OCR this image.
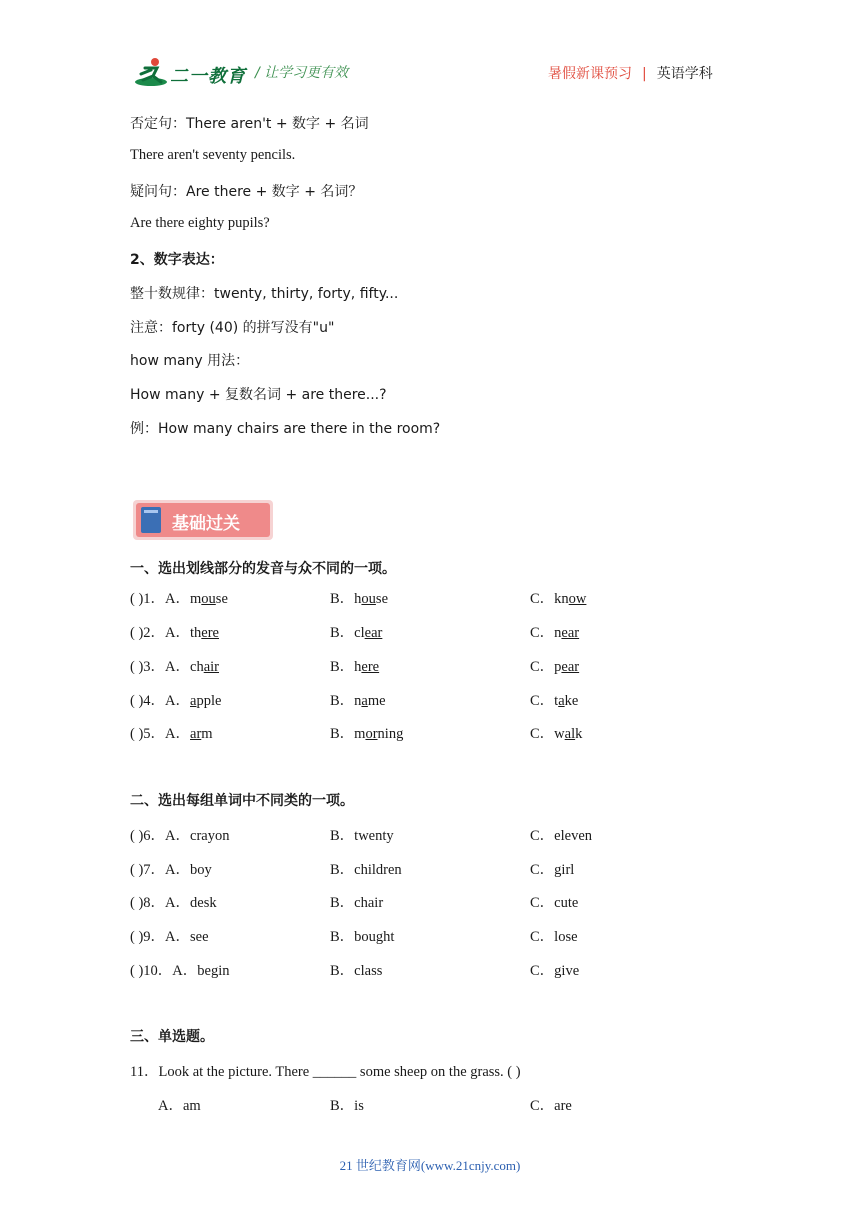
二一教育 / 让学习更有效	暑假新课预习 | 英语学科
否定句：There aren't + 数字 + 名词
There aren't seventy pencils.
疑问句：Are there + 数字 + 名词？
Are there eighty pupils?
2、数字表达：
整十数规律：twenty, thirty, forty, fifty...
注意：forty (40) 的拼写没有"u"
how many 用法：
How many + 复数名词 + are there...?
例：How many chairs are there in the room?
基础过关
一、选出划线部分的发音与众不同的一项。
( )1．A．mouse	B．house	C．know
( )2．A．there	B．clear	C．near
( )3．A．chair	B．here	C．pear
( )4．A．apple	B．name	C．take
( )5．A．arm	B．morning	C．walk
二、选出每组单词中不同类的一项。
( )6．A．crayon	B．twenty	C．eleven
( )7．A．boy	B．children	C．girl
( )8．A．desk	B．chair	C．cute
( )9．A．see	B．bought	C．lose
( )10．A．begin	B．class	C．give
三、单选题。
11．Look at the picture. There ______ some sheep on the grass. ( )
A．am	B．is	C．are
21 世纪教育网(www.21cnjy.com)
